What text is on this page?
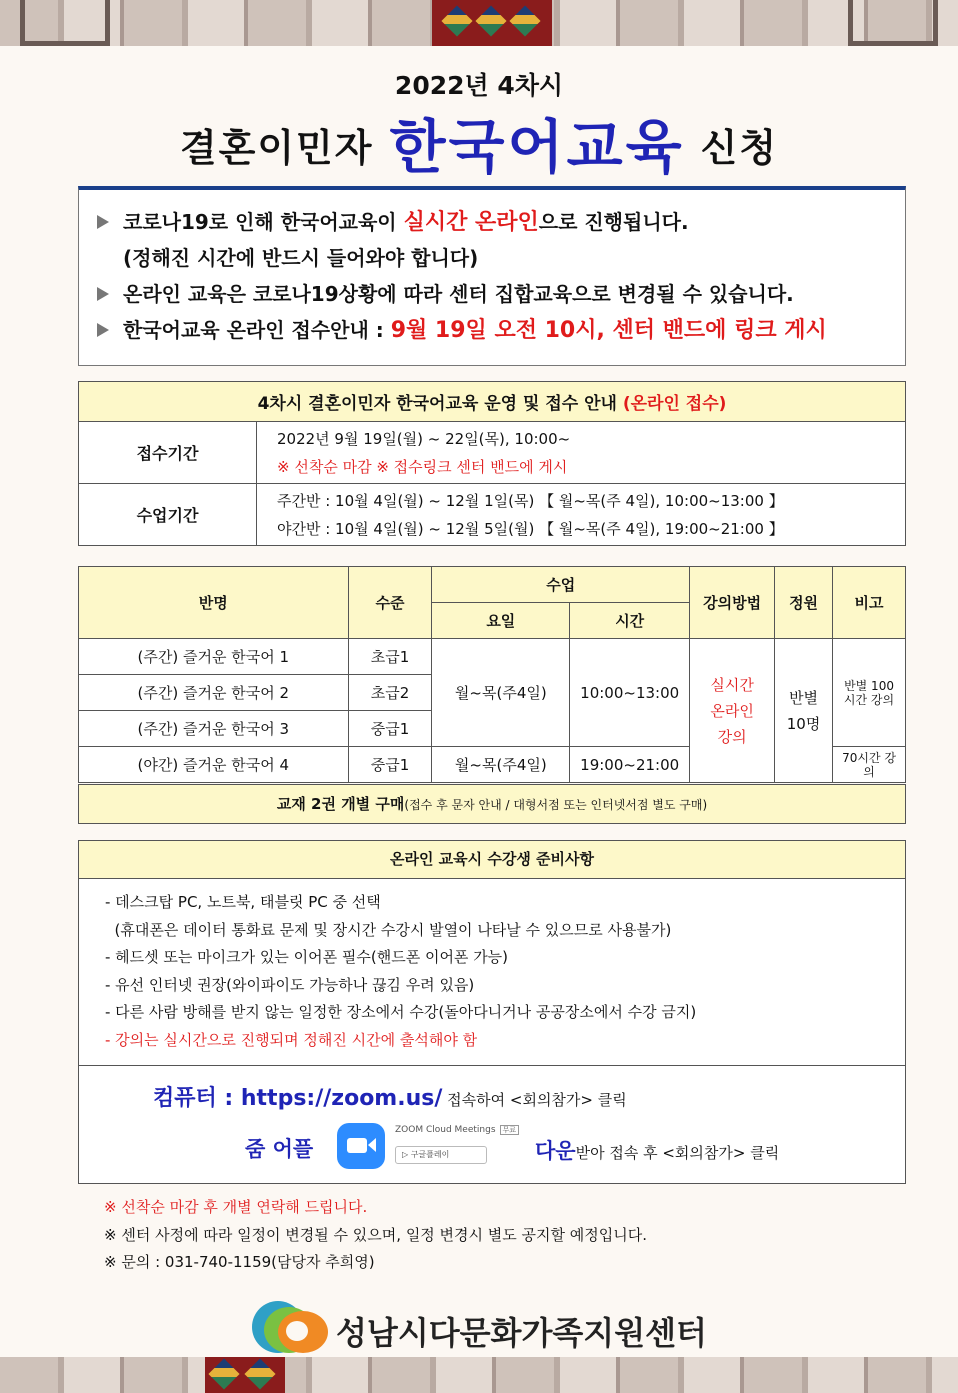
2022년 4차시
결혼이민자 한국어교육 신청
코로나19로 인해 한국어교육이 실시간 온라인으로 진행됩니다.
(정해진 시간에 반드시 들어와야 합니다)
온라인 교육은 코로나19상황에 따라 센터 집합교육으로 변경될 수 있습니다.
한국어교육 온라인 접수안내 : 9월 19일 오전 10시, 센터 밴드에 링크 게시
4차시 결혼이민자 한국어교육 운영 및 접수 안내 (온라인 접수)	
접수기간	2022년 9월 19일(월) ~ 22일(목), 10:00~
※ 선착순 마감 ※ 접수링크 센터 밴드에 게시

수업기간	주간반 : 10월 4일(월) ~ 12월 1일(목) 【 월~목(주 4일), 10:00~13:00 】
야간반 : 10월 4일(월) ~ 12월 5일(월) 【 월~목(주 4일), 19:00~21:00 】
반명	수준	수업		강의방법	정원	비고
		요일	시간			
(주간) 즐거운 한국어 1	초급1	월~목(주4일)	10:00~13:00	실시간 온라인 강의	반별 10명	반별 100시간 강의
(주간) 즐거운 한국어 2	초급2					
(주간) 즐거운 한국어 3	중급1					
(야간) 즐거운 한국어 4	중급1	월~목(주4일)	19:00~21:00			70시간 강의
교재 2권 개별 구매(접수 후 문자 안내 / 대형서점 또는 인터넷서점 별도 구매)
온라인 교육시 수강생 준비사항
- 데스크탑 PC, 노트북, 태블릿 PC 중 선택
(휴대폰은 데이터 통화료 문제 및 장시간 수강시 발열이 나타날 수 있으므로 사용불가)
- 헤드셋 또는 마이크가 있는 이어폰 필수(핸드폰 이어폰 가능)
- 유선 인터넷 권장(와이파이도 가능하나 끊김 우려 있음)
- 다른 사람 방해를 받지 않는 일정한 장소에서 수강(돌아다니거나 공공장소에서 수강 금지)
- 강의는 실시간으로 진행되며 정해진 시간에 출석해야 함
컴퓨터 : https://zoom.us/ 접속하여 <회의참가> 클릭
줌 어플
ZOOM Cloud Meetings 무료
▷ 구글플레이	다운받아 접속 후 <회의참가> 클릭
※ 선착순 마감 후 개별 연락해 드립니다.
※ 센터 사정에 따라 일정이 변경될 수 있으며, 일정 변경시 별도 공지할 예정입니다.
※ 문의 : 031-740-1159(담당자 추희영)
성남시다문화가족지원센터
